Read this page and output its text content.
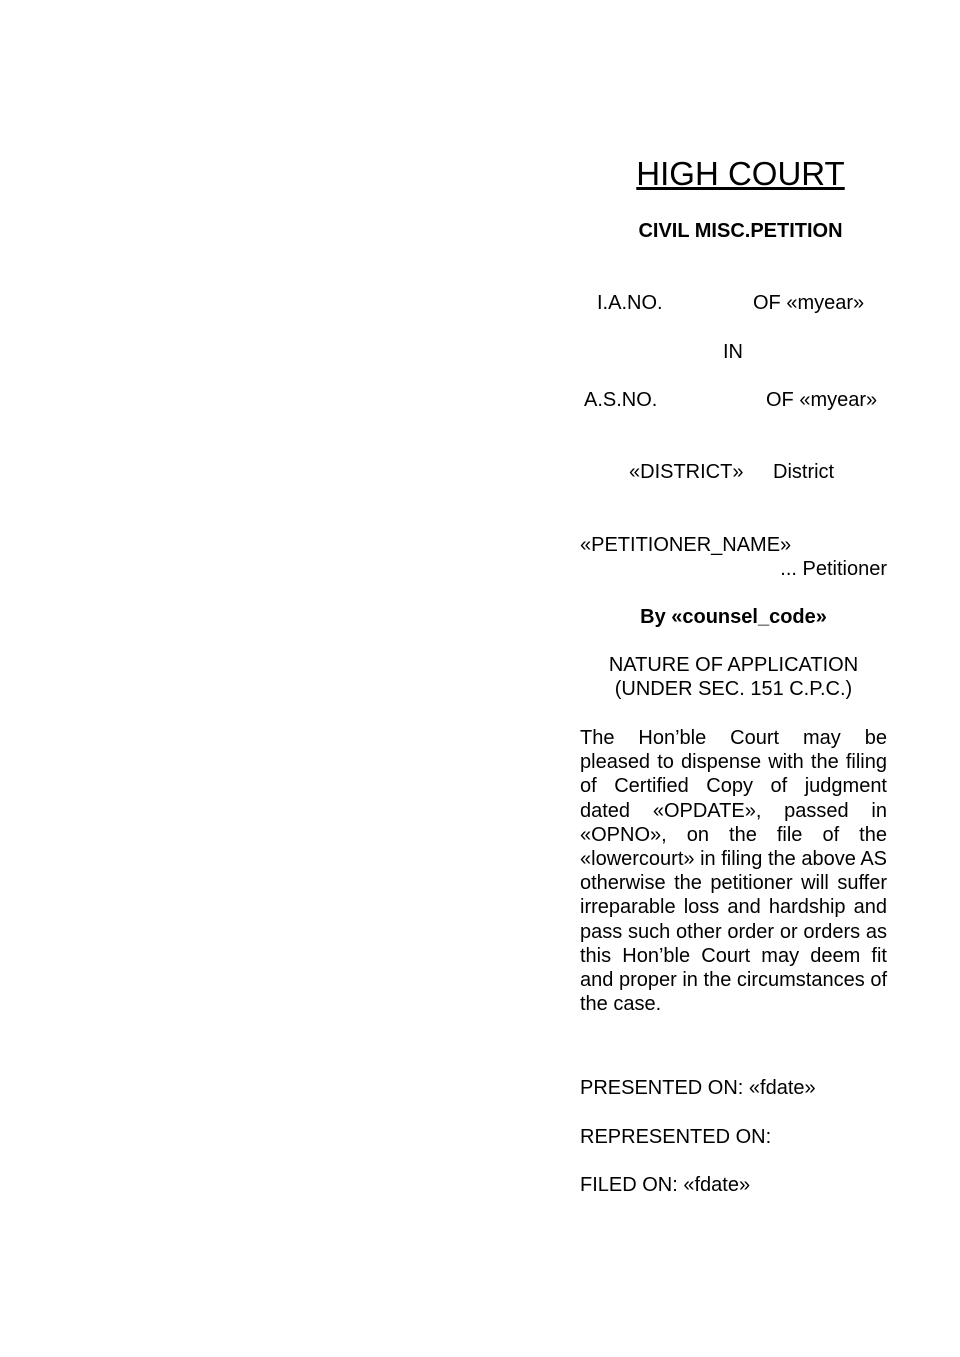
HIGH COURT
CIVIL MISC.PETITION
I.A.NO.	OF «myear»
IN
A.S.NO.	OF «myear»
«DISTRICT» District
«PETITIONER_NAME»
... Petitioner
By «counsel_code»
NATURE OF APPLICATION
(UNDER SEC. 151 C.P.C.)
The Hon’ble Court may be pleased to dispense with the filing of Certified Copy of judgment dated «OPDATE», passed in «OPNO», on the file of the «lowercourt» in filing the above AS otherwise the petitioner will suffer irreparable loss and hardship and pass such other order or orders as this Hon’ble Court may deem fit and proper in the circumstances of the case.
PRESENTED ON: «fdate»
REPRESENTED ON:
FILED ON: «fdate»
